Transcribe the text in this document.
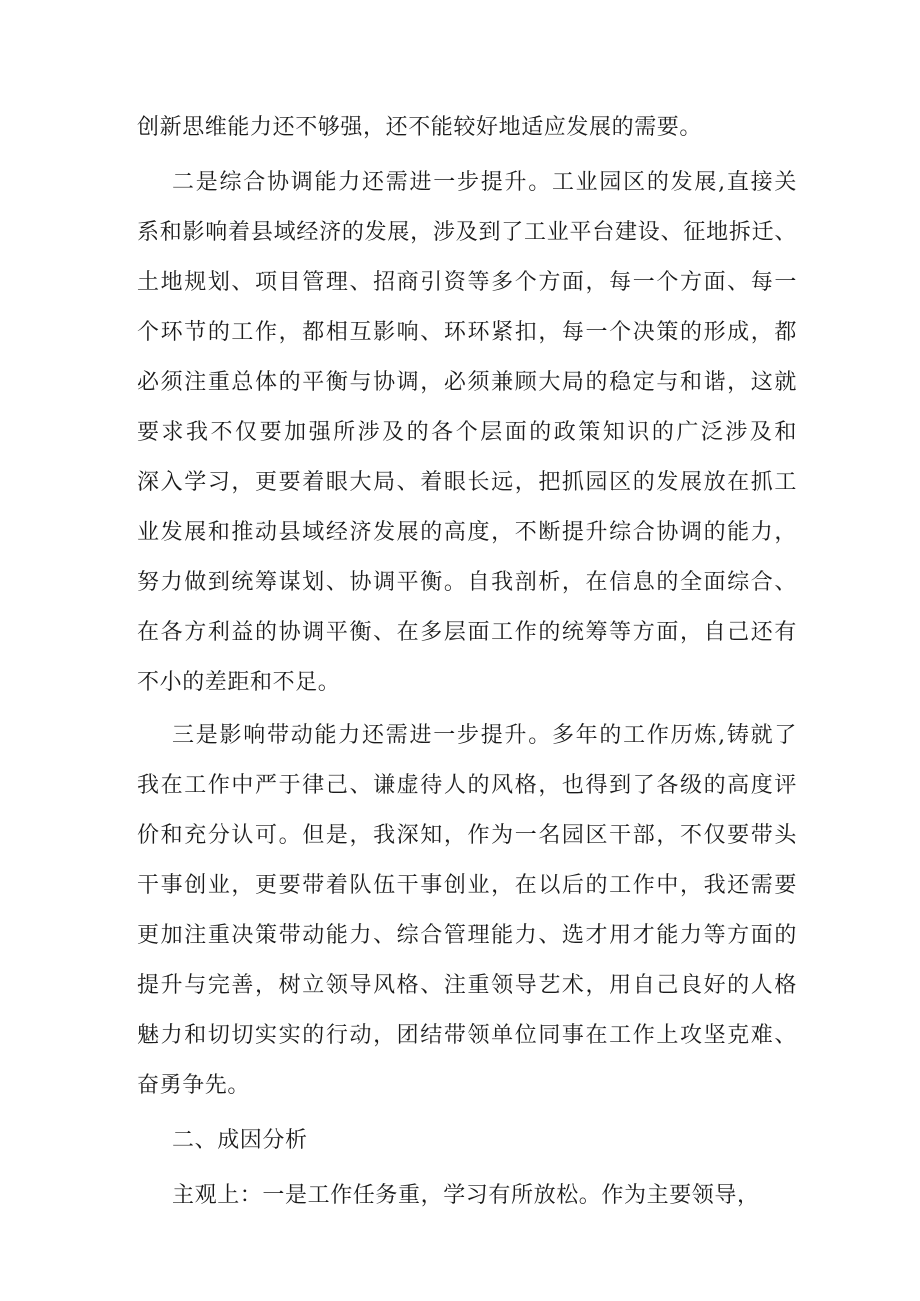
创新思维能力还不够强，还不能较好地适应发展的需要。
二是综合协调能力还需进一步提升。工业园区的发展,直接关
系和影响着县域经济的发展，涉及到了工业平台建设、征地拆迁、
土地规划、项目管理、招商引资等多个方面，每一个方面、每一
个环节的工作，都相互影响、环环紧扣，每一个决策的形成，都
必须注重总体的平衡与协调，必须兼顾大局的稳定与和谐，这就
要求我不仅要加强所涉及的各个层面的政策知识的广泛涉及和
深入学习，更要着眼大局、着眼长远，把抓园区的发展放在抓工
业发展和推动县域经济发展的高度，不断提升综合协调的能力，
努力做到统筹谋划、协调平衡。自我剖析，在信息的全面综合、
在各方利益的协调平衡、在多层面工作的统筹等方面，自己还有
不小的差距和不足。
三是影响带动能力还需进一步提升。多年的工作历炼,铸就了
我在工作中严于律己、谦虚待人的风格，也得到了各级的高度评
价和充分认可。但是，我深知，作为一名园区干部，不仅要带头
干事创业，更要带着队伍干事创业，在以后的工作中，我还需要
更加注重决策带动能力、综合管理能力、选才用才能力等方面的
提升与完善，树立领导风格、注重领导艺术，用自己良好的人格
魅力和切切实实的行动，团结带领单位同事在工作上攻坚克难、
奋勇争先。
二、成因分析
主观上：一是工作任务重，学习有所放松。作为主要领导，
